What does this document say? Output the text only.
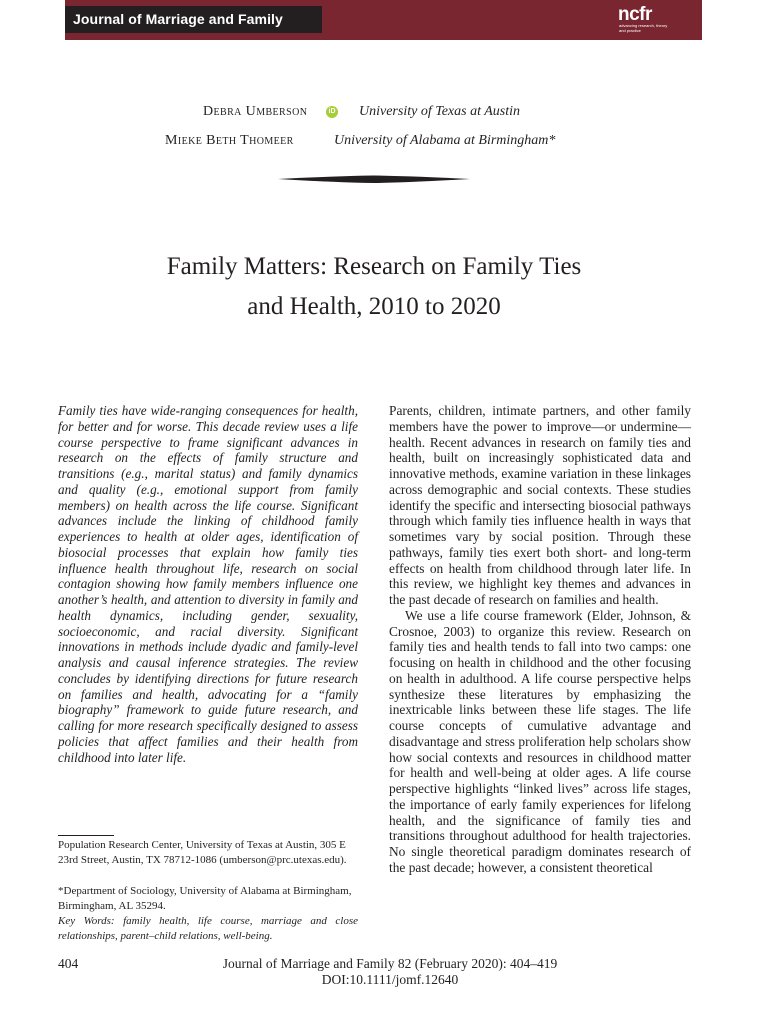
Journal of Marriage and Family	ncfr
advancing research, theory and practice
Debra Umberson	iD University of Texas at Austin
Mieke Beth Thomeer	University of Alabama at Birmingham*
Family Matters: Research on Family Ties
and Health, 2010 to 2020
Family ties have wide-ranging consequences for health, for better and for worse. This decade review uses a life course perspective to frame significant advances in research on the effects of family structure and transitions (e.g., marital status) and family dynamics and quality (e.g., emotional support from family members) on health across the life course. Significant advances include the linking of childhood family experiences to health at older ages, identification of biosocial processes that explain how family ties influence health throughout life, research on social contagion showing how family members influence one another’s health, and attention to diversity in family and health dynamics, including gender, sexuality, socioeconomic, and racial diversity. Significant innovations in methods include dyadic and family-level analysis and causal inference strategies. The review concludes by identifying directions for future research on families and health, advocating for a “family biography” framework to guide future research, and calling for more research specifically designed to assess policies that affect families and their health from childhood into later life.
Population Research Center, University of Texas at Austin, 305 E 23rd Street, Austin, TX 78712-1086 (umberson@prc.utexas.edu).
*Department of Sociology, University of Alabama at Birmingham, Birmingham, AL 35294.
Key Words: family health, life course, marriage and close relationships, parent–child relations, well-being.

Parents, children, intimate partners, and other family members have the power to improve—or undermine—health. Recent advances in research on family ties and health, built on increasingly sophisticated data and innovative methods, examine variation in these linkages across demographic and social contexts. These studies identify the specific and intersecting biosocial pathways through which family ties influence health in ways that sometimes vary by social position. Through these pathways, family ties exert both short- and long-term effects on health from childhood through later life. In this review, we highlight key themes and advances in the past decade of research on families and health.

We use a life course framework (Elder, Johnson, & Crosnoe, 2003) to organize this review. Research on family ties and health tends to fall into two camps: one focusing on health in childhood and the other focusing on health in adulthood. A life course perspective helps synthesize these literatures by emphasizing the inextricable links between these life stages. The life course concepts of cumulative advantage and disadvantage and stress proliferation help scholars show how social contexts and resources in childhood matter for health and well-being at older ages. A life course perspective highlights “linked lives” across life stages, the importance of early family experiences for lifelong health, and the significance of family ties and transitions throughout adulthood for health trajectories. No single theoretical paradigm dominates research of the past decade; however, a consistent theoretical

404	Journal of Marriage and Family 82 (February 2020): 404–419
DOI:10.1111/jomf.12640
